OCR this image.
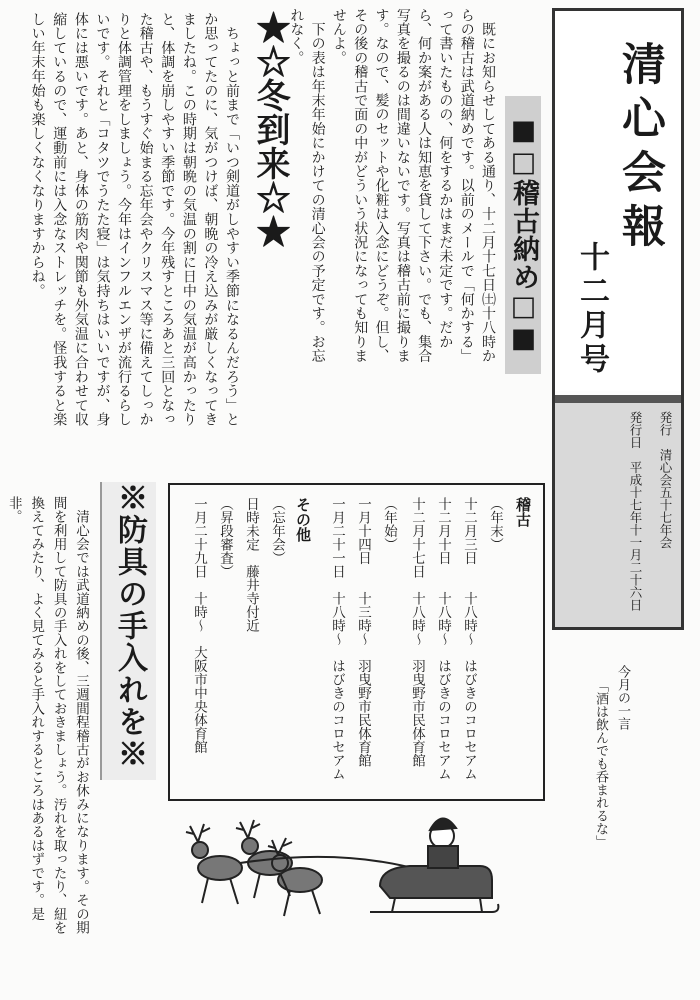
清心会報
十二月号
発行　清心会五十七年会
発行日　平成十七年十一月二十六日
今月の一言
「酒は飲んでも呑まれるな」
■□稽古納め□■
　既にお知らせしてある通り、十二月十七日㈯十八時からの稽古は武道納めです。以前のメールで「何かする」って書いたものの、何をするかはまだ未定です。だから、何か案がある人は知恵を貸して下さい。でも、集合写真を撮るのは間違いないです。写真は稽古前に撮ります。なので、髪のセットや化粧は入念にどうぞ。但し、その後の稽古で面の中がどういう状況になっても知りませんよ。
　下の表は年末年始にかけての清心会の予定です。お忘れなく。
★☆冬到来☆★
　ちょっと前まで「いつ剣道がしやすい季節になるんだろう」とか思ってたのに、気がつけば、朝晩の冷え込みが厳しくなってきましたね。この時期は朝晩の気温の割に日中の気温が高かったりと、体調を崩しやすい季節です。今年残すところあと三回となった稽古や、もうすぐ始まる忘年会やクリスマス等に備えてしっかりと体調管理をしましょう。今年はインフルエンザが流行るらしいです。それと「コタツでうたた寝」は気持ちはいいですが、身体には悪いです。あと、身体の筋肉や関節も外気温に合わせて収縮しているので、運動前には入念なストレッチを。怪我すると楽しい年末年始も楽しくなくなりますからね。
稽古
（年末）
十二月三日　　十八時～　はびきのコロセアム
十二月十日　　十八時～　はびきのコロセアム
十二月十七日　十八時～　羽曳野市民体育館
（年始）
一月十四日　　十三時～　羽曳野市民体育館
一月二十一日　十八時～　はびきのコロセアム
その他
（忘年会）
日時未定　藤井寺付近
（昇段審査）
一月二十九日　十時～　大阪市中央体育館
※防具の手入れを※
　清心会では武道納めの後、三週間程稽古がお休みになります。その期間を利用して防具の手入れをしておきましょう。汚れを取ったり、紐を換えてみたり、よく見てみると手入れするところはあるはずです。是非。
